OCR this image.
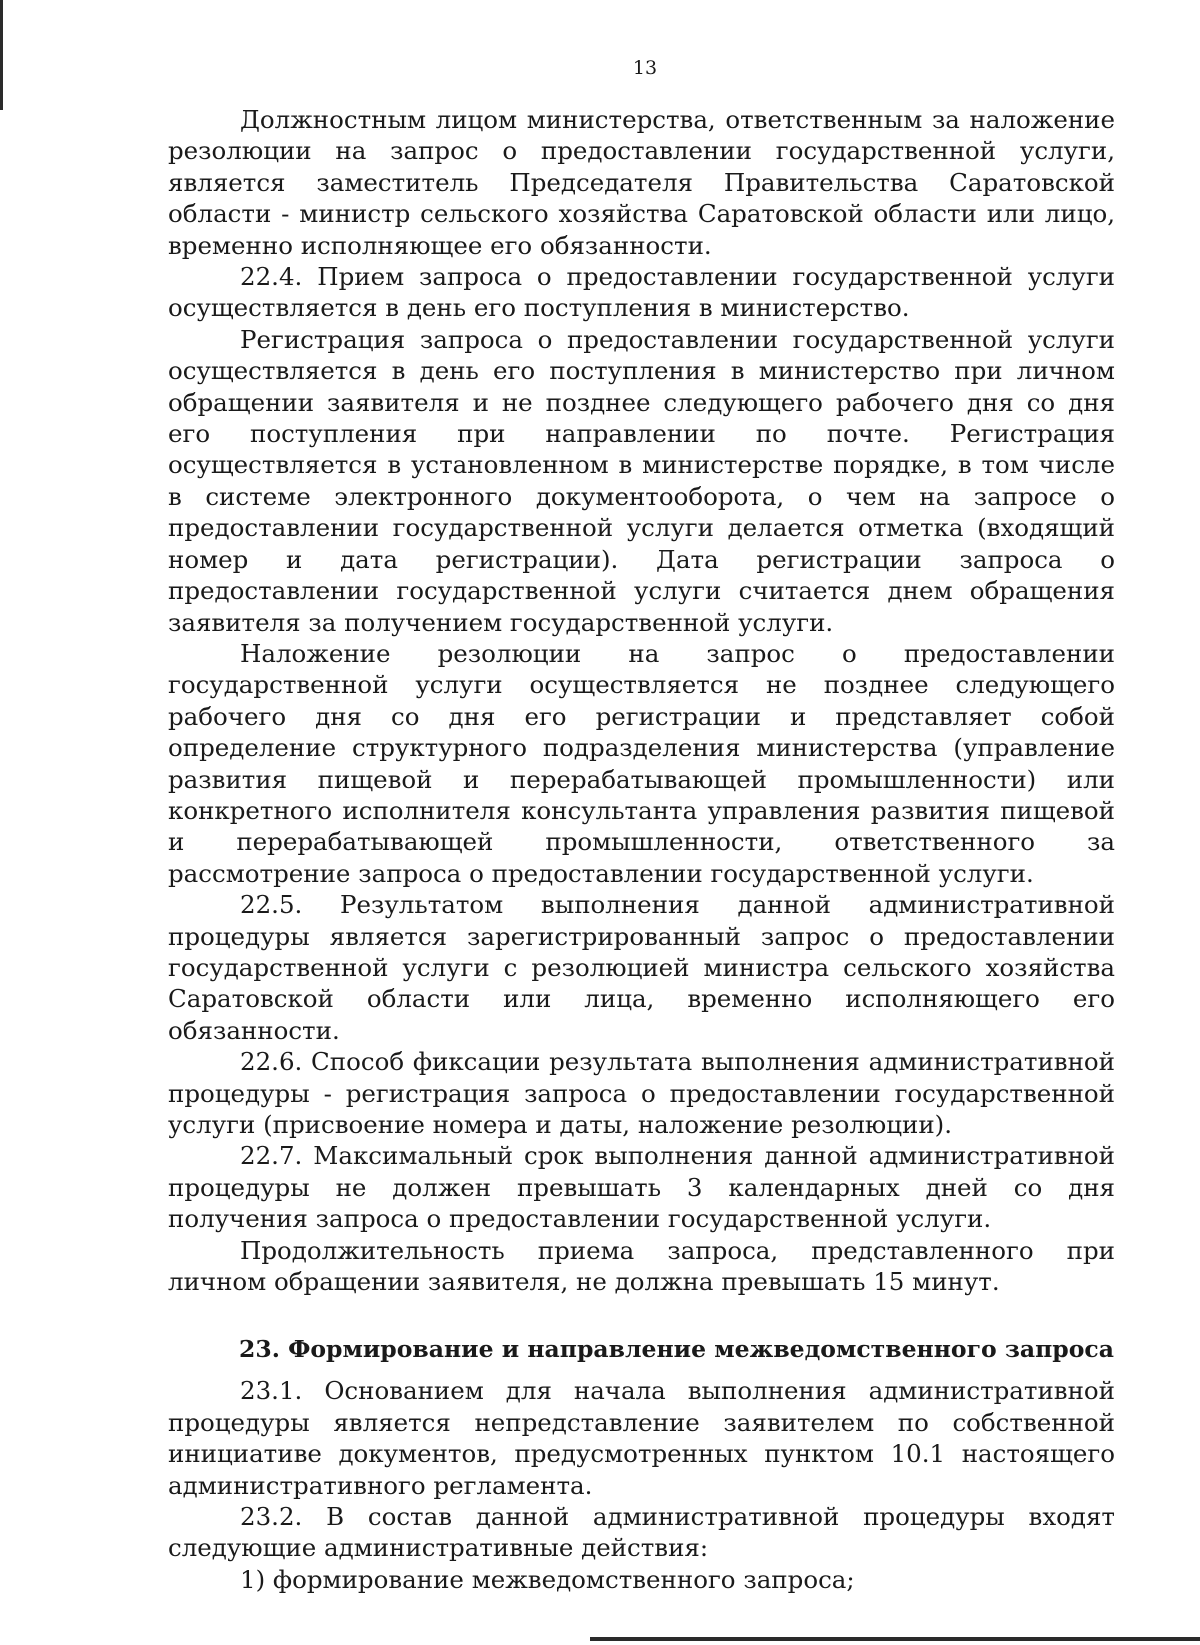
13

Должностным лицом министерства, ответственным за наложение резолюции на запрос о предоставлении государственной услуги, является заместитель Председателя Правительства Саратовской области - министр сельского хозяйства Саратовской области или лицо, временно исполняющее его обязанности.

22.4. Прием запроса о предоставлении государственной услуги осуществляется в день его поступления в министерство.

Регистрация запроса о предоставлении государственной услуги осуществляется в день его поступления в министерство при личном обращении заявителя и не позднее следующего рабочего дня со дня его поступления при направлении по почте. Регистрация осуществляется в установленном в министерстве порядке, в том числе в системе электронного документооборота, о чем на запросе о предоставлении государственной услуги делается отметка (входящий номер и дата регистрации). Дата регистрации запроса о предоставлении государственной услуги считается днем обращения заявителя за получением государственной услуги.

Наложение резолюции на запрос о предоставлении государственной услуги осуществляется не позднее следующего рабочего дня со дня его регистрации и представляет собой определение структурного подразделения министерства (управление развития пищевой и перерабатывающей промышленности) или конкретного исполнителя консультанта управления развития пищевой и перерабатывающей промышленности, ответственного за рассмотрение запроса о предоставлении государственной услуги.

22.5. Результатом выполнения данной административной процедуры является зарегистрированный запрос о предоставлении государственной услуги с резолюцией министра сельского хозяйства Саратовской области или лица, временно исполняющего его обязанности.

22.6. Способ фиксации результата выполнения административной процедуры - регистрация запроса о предоставлении государственной услуги (присвоение номера и даты, наложение резолюции).

22.7. Максимальный срок выполнения данной административной процедуры не должен превышать 3 календарных дней со дня получения запроса о предоставлении государственной услуги.

Продолжительность приема запроса, представленного при личном обращении заявителя, не должна превышать 15 минут.

23. Формирование и направление межведомственного запроса

23.1. Основанием для начала выполнения административной процедуры является непредставление заявителем по собственной инициативе документов, предусмотренных пунктом 10.1 настоящего административного регламента.

23.2. В состав данной административной процедуры входят следующие административные действия:

1) формирование межведомственного запроса;
